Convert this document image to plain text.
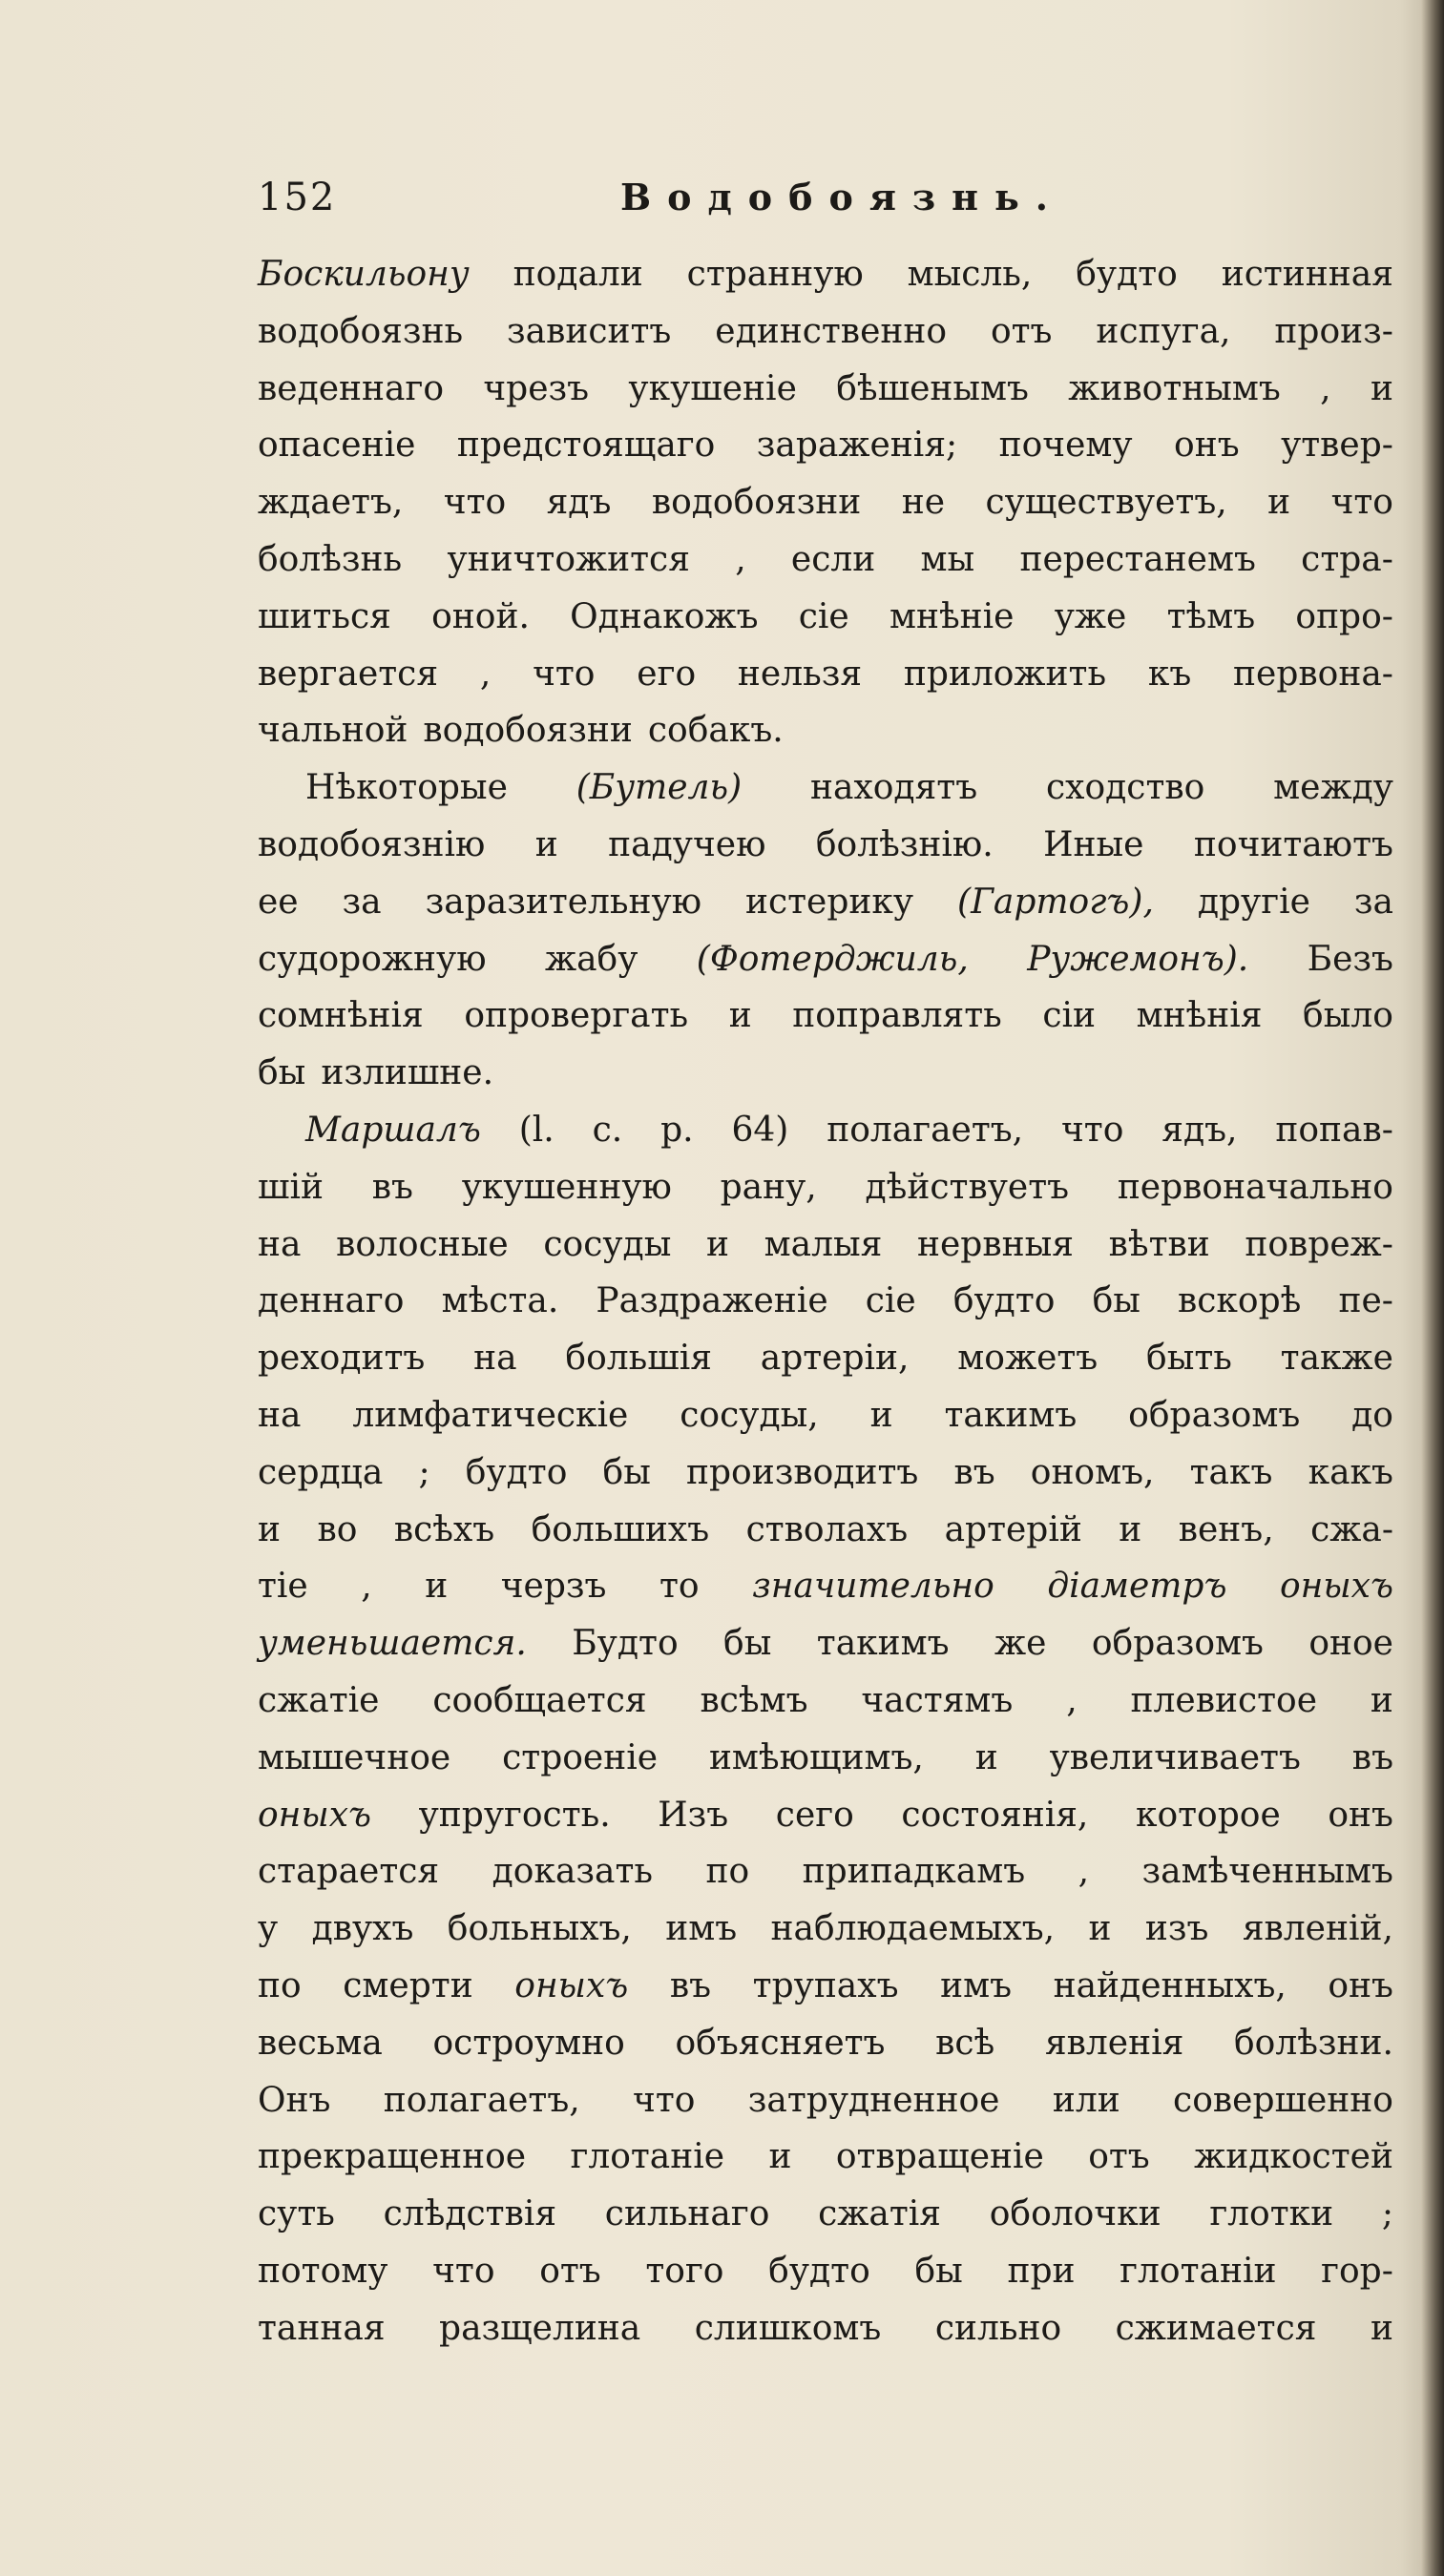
152	Водобоязнь.
Боскильону подали странную мысль, будто истинная
водобоязнь зависитъ единственно отъ испуга, произ-
веденнаго чрезъ укушеніе бѣшенымъ животнымъ , и
опасеніе предстоящаго зараженія; почему онъ утвер-
ждаетъ, что ядъ водобоязни не существуетъ, и что
болѣзнь уничтожится , если мы перестанемъ стра-
шиться оной. Однакожъ сіе мнѣніе уже тѣмъ опро-
вергается , что его нельзя приложить къ первона-
чальной водобоязни собакъ.
Нѣкоторые (Бутель) находятъ сходство между
водобоязнію и падучею болѣзнію. Иные почитаютъ
ее за заразительную истерику (Гартогъ), другіе за
судорожную жабу (Фотерджиль, Ружемонъ). Безъ
сомнѣнія опровергать и поправлять сіи мнѣнія было
бы излишне.
Маршалъ (l. c. p. 64) полагаетъ, что ядъ, попав-
шій въ укушенную рану, дѣйствуетъ первоначально
на волосные сосуды и малыя нервныя вѣтви повреж-
деннаго мѣста. Раздраженіе сіе будто бы вскорѣ пе-
реходитъ на большія артеріи, можетъ быть также
на лимфатическіе сосуды, и такимъ образомъ до
сердца ; будто бы производитъ въ ономъ, такъ какъ
и во всѣхъ большихъ стволахъ артерій и венъ, сжа-
тіе , и черзъ то значительно діаметръ оныхъ
уменьшается. Будто бы такимъ же образомъ оное
сжатіе сообщается всѣмъ частямъ , плевистое и
мышечное строеніе имѣющимъ, и увеличиваетъ въ
оныхъ упругость. Изъ сего состоянія, которое онъ
старается доказать по припадкамъ , замѣченнымъ
у двухъ больныхъ, имъ наблюдаемыхъ, и изъ явленій,
по смерти оныхъ въ трупахъ имъ найденныхъ, онъ
весьма остроумно объясняетъ всѣ явленія болѣзни.
Онъ полагаетъ, что затрудненное или совершенно
прекращенное глотаніе и отвращеніе отъ жидкостей
суть слѣдствія сильнаго сжатія оболочки глотки ;
потому что отъ того будто бы при глотаніи гор-
танная разщелина слишкомъ сильно сжимается и
